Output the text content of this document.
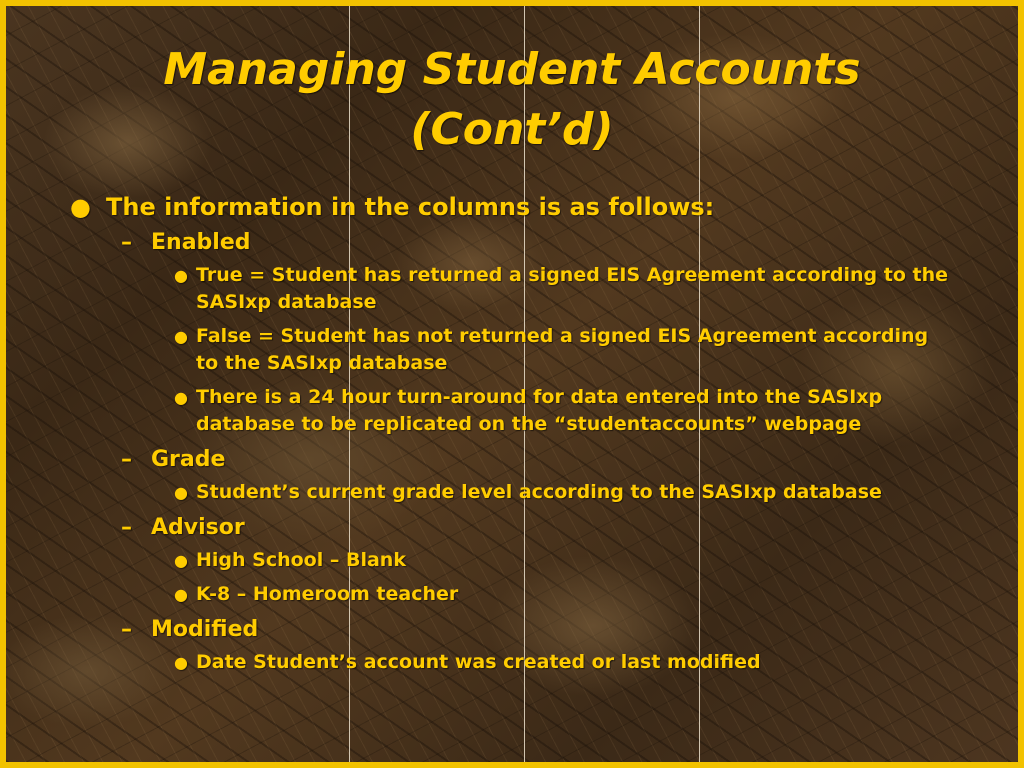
Managing Student Accounts
(Cont’d)
● The information in the columns is as follows:
– Enabled
● True = Student has returned a signed EIS Agreement according to the SASIxp database
● False = Student has not returned a signed EIS Agreement according to the SASIxp database
● There is a 24 hour turn-around for data entered into the SASIxp database to be replicated on the “studentaccounts” webpage
– Grade
● Student’s current grade level according to the SASIxp database
– Advisor
● High School – Blank
● K-8 – Homeroom teacher
– Modified
● Date Student’s account was created or last modified
